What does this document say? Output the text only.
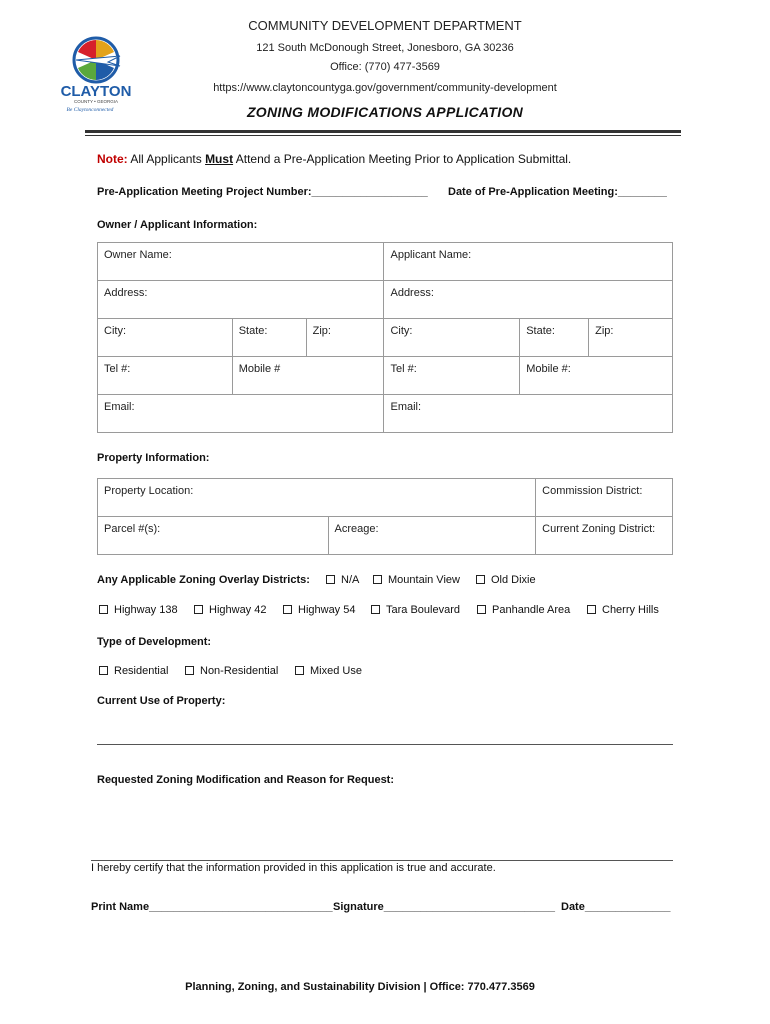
CLAYTON
COUNTY • GEORGIA
Be Claytonconnected
COMMUNITY DEVELOPMENT DEPARTMENT
121 South McDonough Street, Jonesboro, GA 30236
Office: (770) 477-3569
https://www.claytoncountyga.gov/government/community-development
ZONING MODIFICATIONS APPLICATION
Note: All Applicants Must Attend a Pre-Application Meeting Prior to Application Submittal.
Pre-Application Meeting Project Number:___________________ Date of Pre-Application Meeting:________
Owner / Applicant Information:
Owner Name:			Applicant Name:		
Address:			Address:		
City:	State:	Zip:	City:	State:	Zip:
Tel #:	Mobile #		Tel #:	Mobile #:	
Email:			Email:		
Property Information:
Property Location:		Commission District:
Parcel #(s):	Acreage:	Current Zoning District:
Any Applicable Zoning Overlay Districts:	N/A	Mountain View	Old Dixie
Highway 138	Highway 42	Highway 54	Tara Boulevard	Panhandle Area	Cherry Hills
Type of Development:
Residential	Non-Residential	Mixed Use
Current Use of Property:
Requested Zoning Modification and Reason for Request:
I hereby certify that the information provided in this application is true and accurate.
Print Name______________________________ Signature____________________________ Date______________
Planning, Zoning, and Sustainability Division | Office: 770.477.3569
